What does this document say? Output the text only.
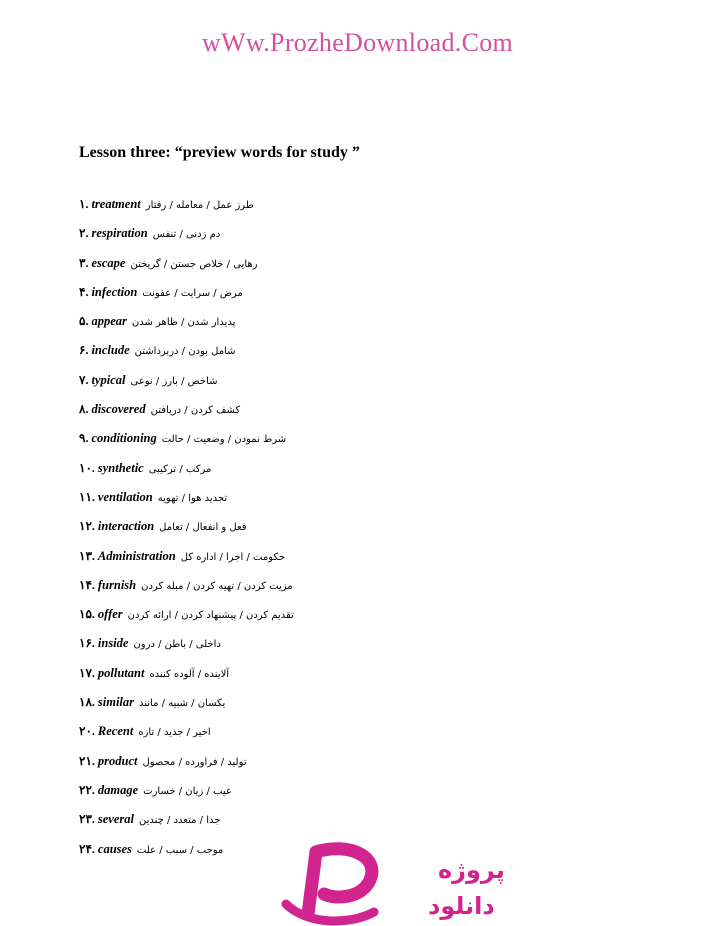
wWw.ProzheDownload.Com
Lesson three: “preview words for study ”
۱. treatment طرز عمل / معامله / رفتار
۲. respiration دم زدنی / تنفس
۳. escape رهایی / خلاص جستن / گریختن
۴. infection مرض / سرایت / عفونت
۵. appear پدیدار شدن / ظاهر شدن
۶. include شامل بودن / دربرداشتن
۷. typical شاخص / بارز / نوعی
۸. discovered کشف کردن / دریافتن
۹. conditioning شرط نمودن / وضعیت / حالت
۱۰. synthetic مرکب / ترکیبی
۱۱. ventilation تجدید هوا / تهویه
۱۲. interaction فعل و انفعال / تعامل
۱۳. Administration حکومت / اجرا / اداره کل
۱۴. furnish مزیت کردن / تهیه کردن / مبله کردن
۱۵. offer تقدیم کردن / پیشنهاد کردن / ارائه کردن
۱۶. inside داخلی / باطن / درون
۱۷. pollutant آلاینده / آلوده کننده
۱۸. similar یکسان / شبیه / مانند
۲۰. Recent اخیر / جدید / تازه
۲۱. product تولید / فراورده / محصول
۲۲. damage عیب / زیان / خسارت
۲۳. several جدا / متعدد / چندین
۲۴. causes موجب / سبب / علت
پروژه
دانلود
